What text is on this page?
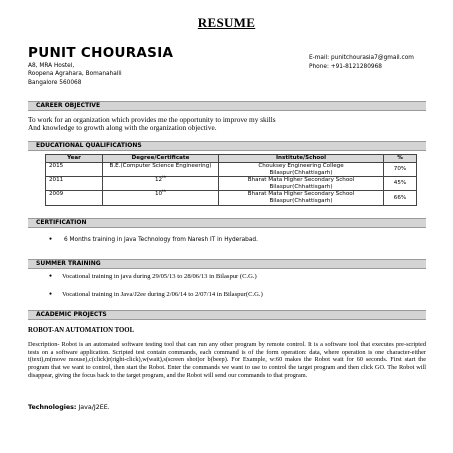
RESUME
PUNIT CHOURASIA
A8, MRA Hostel,
Roopena Agrahara, Bomanahalli
Bangalore 560068
E-mail: punitchourasia7@gmail.com
Phone: +91-8121280968
CAREER OBJECTIVE
To work for an organization which provides me the opportunity to improve my skills
And knowledge to growth along with the organization objective.
EDUCATIONAL QUALIFICATIONS
Year	Degree/Certificate	Institute/School	%
2015	B.E.(Computer Science Engineering)	Chouksey Engineering College Bilaspur(Chhattisgarh)	70%
2011	12th	Bharat Mata Higher Secondary School Bilaspur(Chhattisgarh)	45%
2009	10th	Bharat Mata Higher Secondary School Bilaspur(Chhattisgarh)	66%
CERTIFICATION
● 6 Months training in Java Technology from Naresh IT in Hyderabad.
SUMMER TRAINING
● Vocational training in java during 29/05/13 to 28/06/13 in Bilaspur (C.G.)
● Vocational training in Java/J2ee during 2/06/14 to 2/07/14 in Bilaspur(C.G.)
ACADEMIC PROJECTS
ROBOT-AN AUTOMATION TOOL
Description- Robot is an automated software testing tool that can run any other program by remote control. It is a software tool that executes pre-scripted tests on a software application. Scripted test contain commands, each command is of the form operation: data, where operation is one character-either t(text),m(move mouse),c(click)r(right-click),w(wait),s(screen shot)or b(beep). For Example, w:60 makes the Robot wait for 60 seconds. First start the program that we want to control, then start the Robot. Enter the commands we want to use to control the target program and then click GO. The Robot will disappear, giving the focus back to the target program, and the Robot will send our commands to that program.
Technologies: Java/J2EE.
